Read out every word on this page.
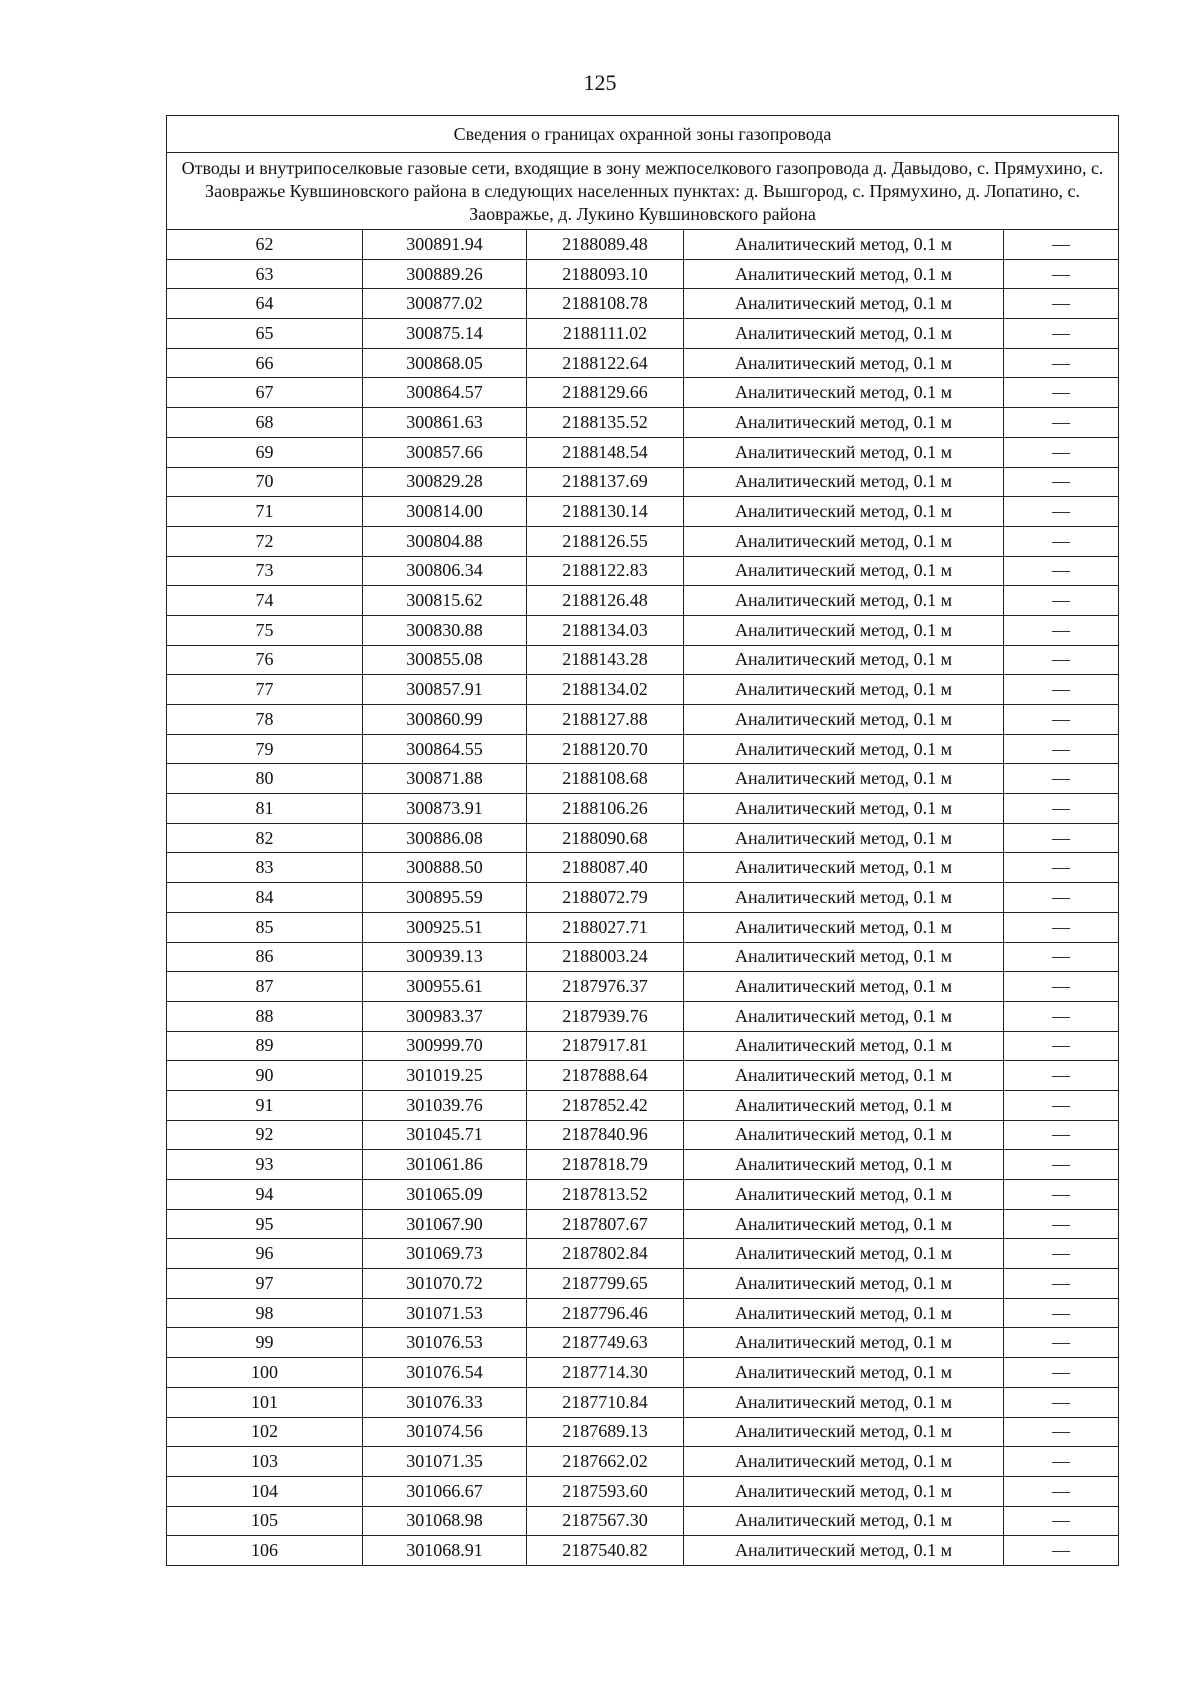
125
Сведения о границах охранной зоны газопровода				
Отводы и внутрипоселковые газовые сети, входящие в зону межпоселкового газопровода д. Давыдово, с. Прямухино, с. Заовражье Кувшиновского района в следующих населенных пунктах: д. Вышгород, с. Прямухино, д. Лопатино, с. Заовражье, д. Лукино Кувшиновского района				
62	300891.94	2188089.48	Аналитический метод, 0.1 м	—
63	300889.26	2188093.10	Аналитический метод, 0.1 м	—
64	300877.02	2188108.78	Аналитический метод, 0.1 м	—
65	300875.14	2188111.02	Аналитический метод, 0.1 м	—
66	300868.05	2188122.64	Аналитический метод, 0.1 м	—
67	300864.57	2188129.66	Аналитический метод, 0.1 м	—
68	300861.63	2188135.52	Аналитический метод, 0.1 м	—
69	300857.66	2188148.54	Аналитический метод, 0.1 м	—
70	300829.28	2188137.69	Аналитический метод, 0.1 м	—
71	300814.00	2188130.14	Аналитический метод, 0.1 м	—
72	300804.88	2188126.55	Аналитический метод, 0.1 м	—
73	300806.34	2188122.83	Аналитический метод, 0.1 м	—
74	300815.62	2188126.48	Аналитический метод, 0.1 м	—
75	300830.88	2188134.03	Аналитический метод, 0.1 м	—
76	300855.08	2188143.28	Аналитический метод, 0.1 м	—
77	300857.91	2188134.02	Аналитический метод, 0.1 м	—
78	300860.99	2188127.88	Аналитический метод, 0.1 м	—
79	300864.55	2188120.70	Аналитический метод, 0.1 м	—
80	300871.88	2188108.68	Аналитический метод, 0.1 м	—
81	300873.91	2188106.26	Аналитический метод, 0.1 м	—
82	300886.08	2188090.68	Аналитический метод, 0.1 м	—
83	300888.50	2188087.40	Аналитический метод, 0.1 м	—
84	300895.59	2188072.79	Аналитический метод, 0.1 м	—
85	300925.51	2188027.71	Аналитический метод, 0.1 м	—
86	300939.13	2188003.24	Аналитический метод, 0.1 м	—
87	300955.61	2187976.37	Аналитический метод, 0.1 м	—
88	300983.37	2187939.76	Аналитический метод, 0.1 м	—
89	300999.70	2187917.81	Аналитический метод, 0.1 м	—
90	301019.25	2187888.64	Аналитический метод, 0.1 м	—
91	301039.76	2187852.42	Аналитический метод, 0.1 м	—
92	301045.71	2187840.96	Аналитический метод, 0.1 м	—
93	301061.86	2187818.79	Аналитический метод, 0.1 м	—
94	301065.09	2187813.52	Аналитический метод, 0.1 м	—
95	301067.90	2187807.67	Аналитический метод, 0.1 м	—
96	301069.73	2187802.84	Аналитический метод, 0.1 м	—
97	301070.72	2187799.65	Аналитический метод, 0.1 м	—
98	301071.53	2187796.46	Аналитический метод, 0.1 м	—
99	301076.53	2187749.63	Аналитический метод, 0.1 м	—
100	301076.54	2187714.30	Аналитический метод, 0.1 м	—
101	301076.33	2187710.84	Аналитический метод, 0.1 м	—
102	301074.56	2187689.13	Аналитический метод, 0.1 м	—
103	301071.35	2187662.02	Аналитический метод, 0.1 м	—
104	301066.67	2187593.60	Аналитический метод, 0.1 м	—
105	301068.98	2187567.30	Аналитический метод, 0.1 м	—
106	301068.91	2187540.82	Аналитический метод, 0.1 м	—
